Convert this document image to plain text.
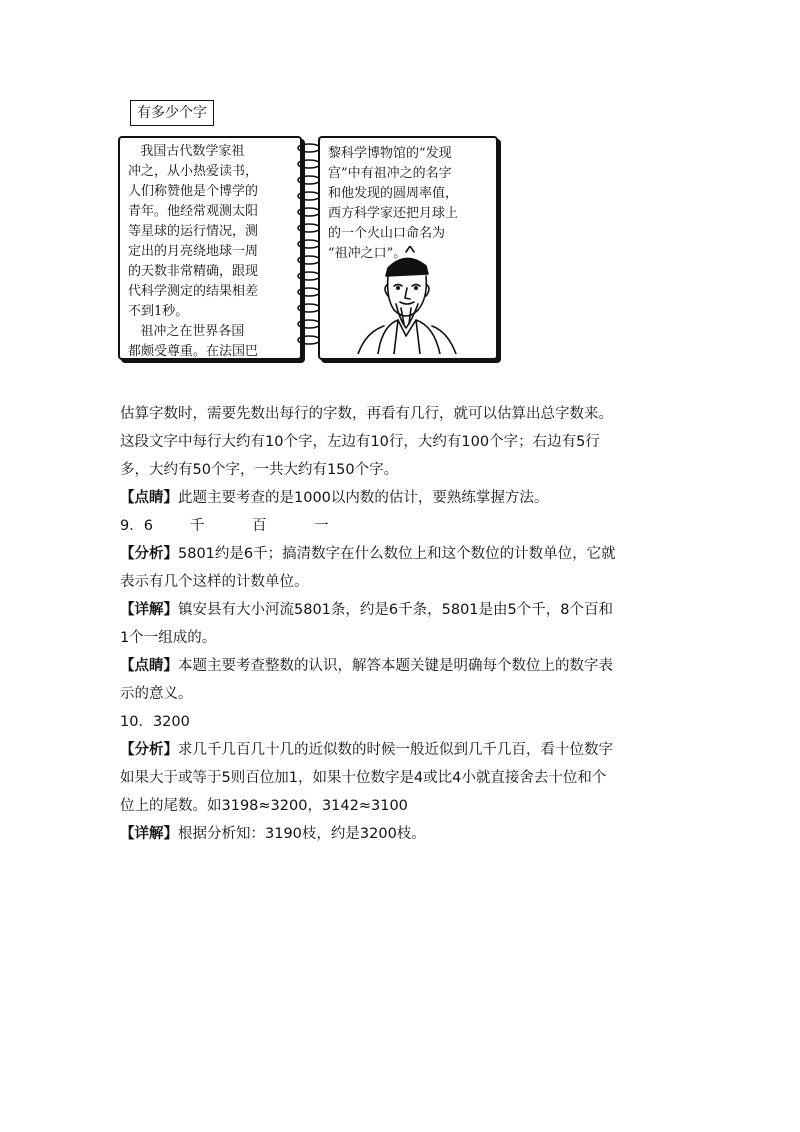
有多少个字
我国古代数学家祖
冲之，从小热爱读书，
人们称赞他是个博学的
青年。他经常观测太阳
等星球的运行情况，测
定出的月亮绕地球一周
的天数非常精确，跟现
代科学测定的结果相差
不到1秒。
祖冲之在世界各国
都颇受尊重。在法国巴
黎科学博物馆的“发现
宫”中有祖冲之的名字
和他发现的圆周率值，
西方科学家还把月球上
的一个火山口命名为
“祖冲之口”。

估算字数时，需要先数出每行的字数，再看有几行，就可以估算出总字数来。

这段文字中每行大约有10个字，左边有10行，大约有100个字；右边有5行

多，大约有50个字，一共大约有150个字。

【点睛】此题主要考查的是1000以内数的估计，要熟练掌握方法。

9．6	千	百	一

【分析】5801约是6千；搞清数字在什么数位上和这个数位的计数单位，它就

表示有几个这样的计数单位。

【详解】镇安县有大小河流5801条，约是6千条，5801是由5个千，8个百和

1个一组成的。

【点睛】本题主要考查整数的认识，解答本题关键是明确每个数位上的数字表

示的意义。

10．3200

【分析】求几千几百几十几的近似数的时候一般近似到几千几百，看十位数字

如果大于或等于5则百位加1，如果十位数字是4或比4小就直接舍去十位和个

位上的尾数。如3198≈3200，3142≈3100

【详解】根据分析知：3190枝，约是3200枝。
